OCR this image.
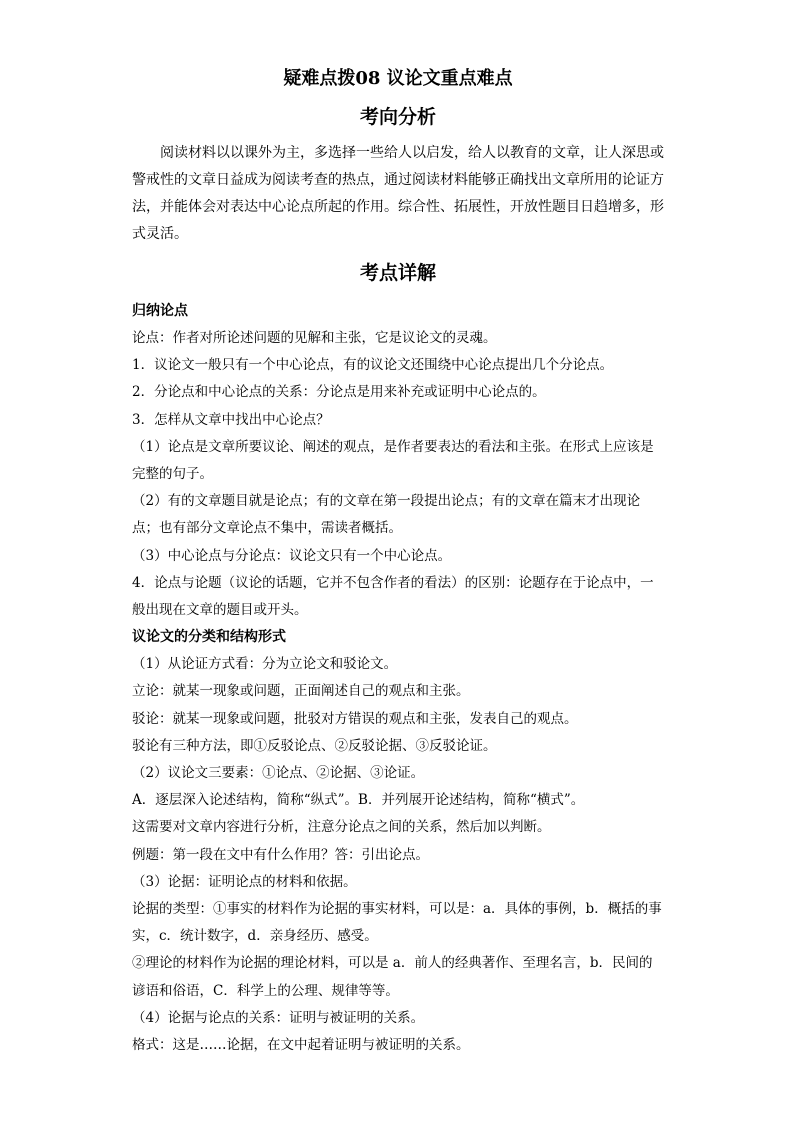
疑难点拨08 议论文重点难点
考向分析

阅读材料以以课外为主，多选择一些给人以启发，给人以教育的文章，让人深思或警戒性的文章日益成为阅读考查的热点，通过阅读材料能够正确找出文章所用的论证方法，并能体会对表达中心论点所起的作用。综合性、拓展性，开放性题目日趋增多，形式灵活。

考点详解
归纳论点

论点：作者对所论述问题的见解和主张，它是议论文的灵魂。

1．议论文一般只有一个中心论点，有的议论文还围绕中心论点提出几个分论点。

2．分论点和中心论点的关系：分论点是用来补充或证明中心论点的。

3．怎样从文章中找出中心论点？

（1）论点是文章所要议论、阐述的观点，是作者要表达的看法和主张。在形式上应该是完整的句子。

（2）有的文章题目就是论点；有的文章在第一段提出论点；有的文章在篇末才出现论点；也有部分文章论点不集中，需读者概括。

（3）中心论点与分论点：议论文只有一个中心论点。

4．论点与论题（议论的话题，它并不包含作者的看法）的区别：论题存在于论点中，一般出现在文章的题目或开头。

议论文的分类和结构形式

（1）从论证方式看：分为立论文和驳论文。

立论：就某一现象或问题，正面阐述自己的观点和主张。

驳论：就某一现象或问题，批驳对方错误的观点和主张，发表自己的观点。

驳论有三种方法，即①反驳论点、②反驳论据、③反驳论证。

（2）议论文三要素：①论点、②论据、③论证。

A．逐层深入论述结构，简称“纵式”。B．并列展开论述结构，简称“横式”。

这需要对文章内容进行分析，注意分论点之间的关系，然后加以判断。

例题：第一段在文中有什么作用？答：引出论点。

（3）论据：证明论点的材料和依据。

论据的类型：①事实的材料作为论据的事实材料，可以是：a．具体的事例，b．概括的事实，c．统计数字，d．亲身经历、感受。

②理论的材料作为论据的理论材料，可以是 a．前人的经典著作、至理名言，b．民间的谚语和俗语，C．科学上的公理、规律等等。

（4）论据与论点的关系：证明与被证明的关系。

格式：这是……论据，在文中起着证明与被证明的关系。
